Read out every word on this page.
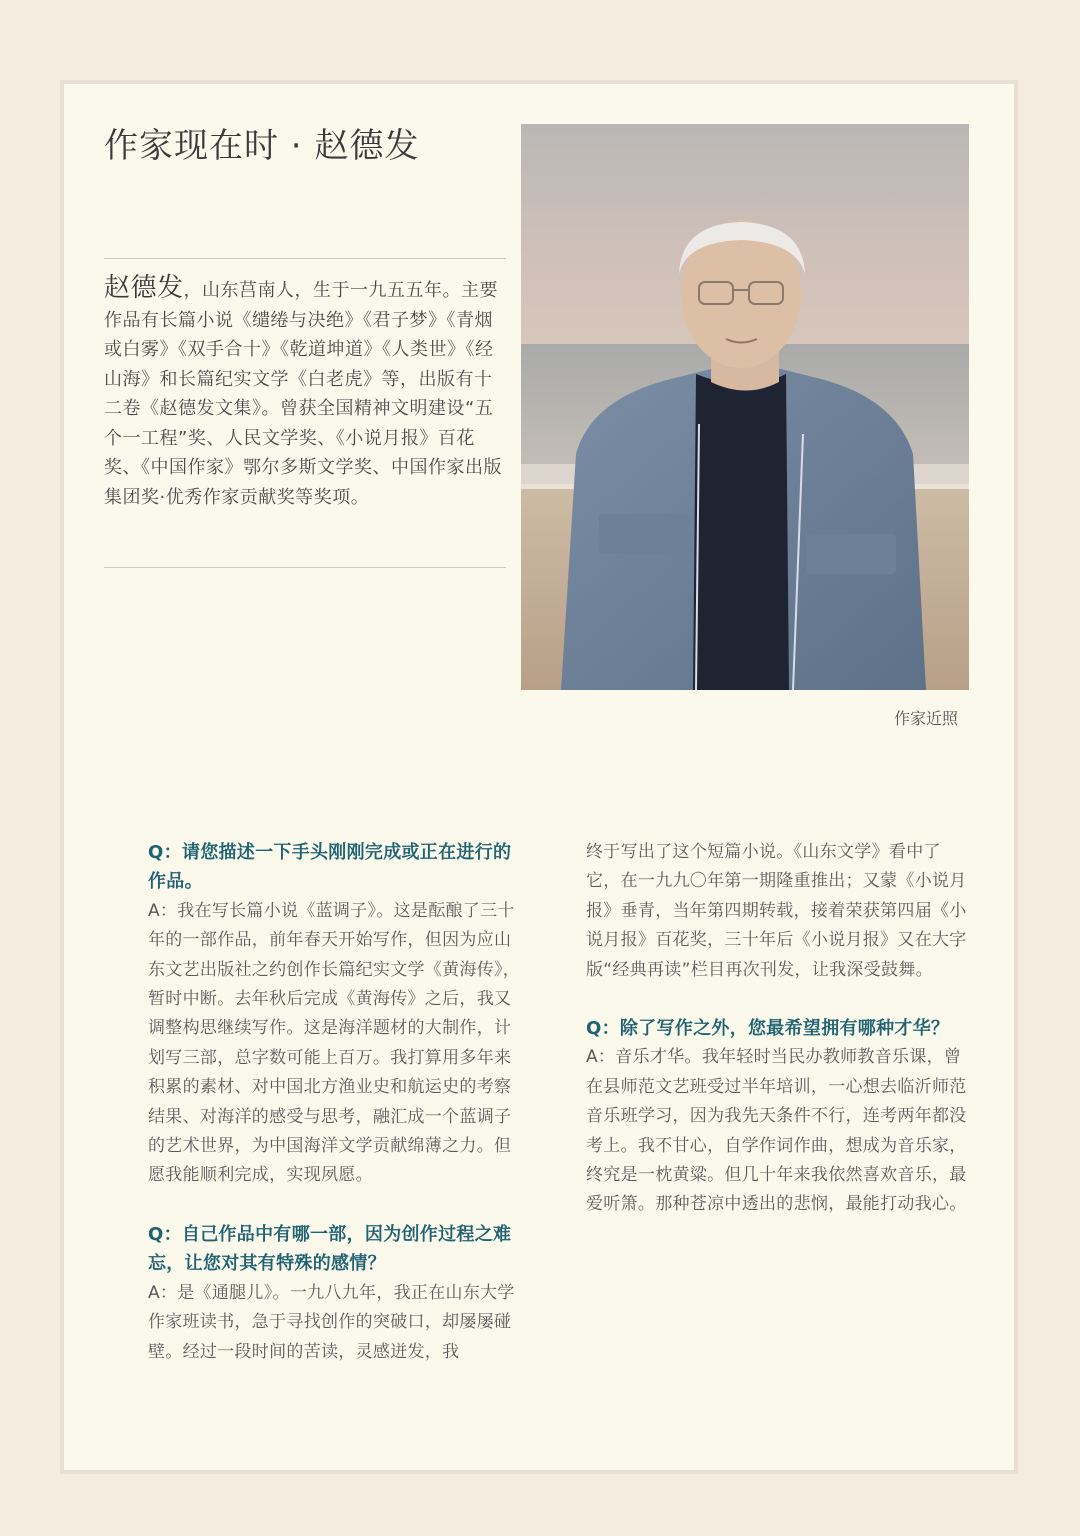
作家现在时 · 赵德发
赵德发，山东莒南人，生于一九五五年。主要作品有长篇小说《缱绻与决绝》《君子梦》《青烟或白雾》《双手合十》《乾道坤道》《人类世》《经山海》和长篇纪实文学《白老虎》等，出版有十二卷《赵德发文集》。曾获全国精神文明建设“五个一工程”奖、人民文学奖、《小说月报》百花奖、《中国作家》鄂尔多斯文学奖、中国作家出版集团奖·优秀作家贡献奖等奖项。
作家近照
Q：请您描述一下手头刚刚完成或正在进行的作品。
A：我在写长篇小说《蓝调子》。这是酝酿了三十年的一部作品，前年春天开始写作，但因为应山东文艺出版社之约创作长篇纪实文学《黄海传》，暂时中断。去年秋后完成《黄海传》之后，我又调整构思继续写作。这是海洋题材的大制作，计划写三部，总字数可能上百万。我打算用多年来积累的素材、对中国北方渔业史和航运史的考察结果、对海洋的感受与思考，融汇成一个蓝调子的艺术世界，为中国海洋文学贡献绵薄之力。但愿我能顺利完成，实现夙愿。
Q：自己作品中有哪一部，因为创作过程之难忘，让您对其有特殊的感情？
A：是《通腿儿》。一九八九年，我正在山东大学作家班读书，急于寻找创作的突破口，却屡屡碰壁。经过一段时间的苦读，灵感迸发，我
终于写出了这个短篇小说。《山东文学》看中了它，在一九九〇年第一期隆重推出；又蒙《小说月报》垂青，当年第四期转载，接着荣获第四届《小说月报》百花奖，三十年后《小说月报》又在大字版“经典再读”栏目再次刊发，让我深受鼓舞。
Q：除了写作之外，您最希望拥有哪种才华？
A：音乐才华。我年轻时当民办教师教音乐课，曾在县师范文艺班受过半年培训，一心想去临沂师范音乐班学习，因为我先天条件不行，连考两年都没考上。我不甘心，自学作词作曲，想成为音乐家，终究是一枕黄粱。但几十年来我依然喜欢音乐，最爱听箫。那种苍凉中透出的悲悯，最能打动我心。
